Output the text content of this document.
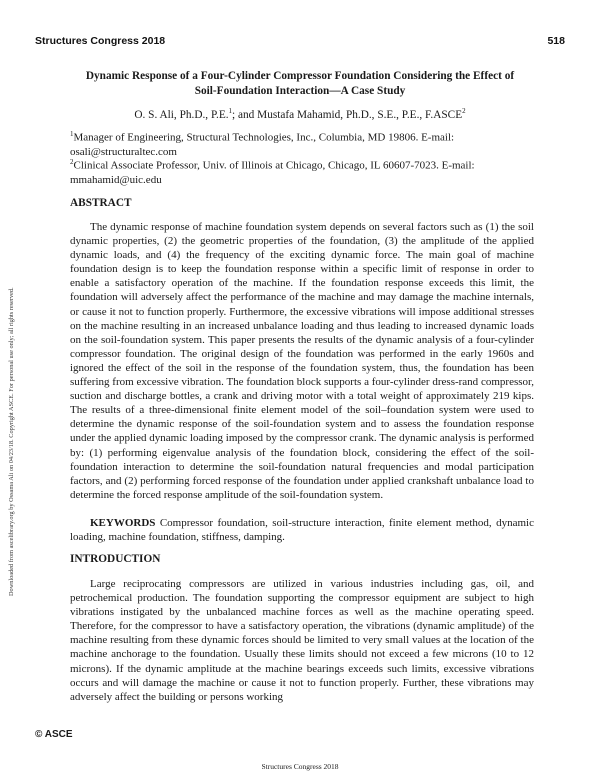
Structures Congress 2018	518
Downloaded from ascelibrary.org by Ossama Ali on 04/23/18. Copyright ASCE. For personal use only; all rights reserved.
Dynamic Response of a Four-Cylinder Compressor Foundation Considering the Effect of
Soil-Foundation Interaction—A Case Study
O. S. Ali, Ph.D., P.E.$^1$; and Mustafa Mahamid, Ph.D., S.E., P.E., F.ASCE$^2$
$^1$Manager of Engineering, Structural Technologies, Inc., Columbia, MD 19806. E-mail:
osali@structuraltec.com
$^2$Clinical Associate Professor, Univ. of Illinois at Chicago, Chicago, IL 60607-7023. E-mail:
mmahamid@uic.edu
ABSTRACT

The dynamic response of machine foundation system depends on several factors such as (1) the soil dynamic properties, (2) the geometric properties of the foundation, (3) the amplitude of the applied dynamic loads, and (4) the frequency of the exciting dynamic force. The main goal of machine foundation design is to keep the foundation response within a specific limit of response in order to enable a satisfactory operation of the machine. If the foundation response exceeds this limit, the foundation will adversely affect the performance of the machine and may damage the machine internals, or cause it not to function properly. Furthermore, the excessive vibrations will impose additional stresses on the machine resulting in an increased unbalance loading and thus leading to increased dynamic loads on the soil-foundation system. This paper presents the results of the dynamic analysis of a four-cylinder compressor foundation. The original design of the foundation was performed in the early 1960s and ignored the effect of the soil in the response of the foundation system, thus, the foundation has been suffering from excessive vibration. The foundation block supports a four-cylinder dress-rand compressor, suction and discharge bottles, a crank and driving motor with a total weight of approximately 219 kips. The results of a three-dimensional finite element model of the soil–foundation system were used to determine the dynamic response of the soil-foundation system and to assess the foundation response under the applied dynamic loading imposed by the compressor crank. The dynamic analysis is performed by: (1) performing eigenvalue analysis of the foundation block, considering the effect of the soil-foundation interaction to determine the soil-foundation natural frequencies and modal participation factors, and (2) performing forced response of the foundation under applied crankshaft unbalance load to determine the forced response amplitude of the soil-foundation system.

KEYWORDS Compressor foundation, soil-structure interaction, finite element method, dynamic loading, machine foundation, stiffness, damping.

INTRODUCTION

Large reciprocating compressors are utilized in various industries including gas, oil, and petrochemical production. The foundation supporting the compressor equipment are subject to high vibrations instigated by the unbalanced machine forces as well as the machine operating speed. Therefore, for the compressor to have a satisfactory operation, the vibrations (dynamic amplitude) of the machine resulting from these dynamic forces should be limited to very small values at the location of the machine anchorage to the foundation. Usually these limits should not exceed a few microns (10 to 12 microns). If the dynamic amplitude at the machine bearings exceeds such limits, excessive vibrations occurs and will damage the machine or cause it not to function properly. Further, these vibrations may adversely affect the building or persons working

© ASCE
Structures Congress 2018
